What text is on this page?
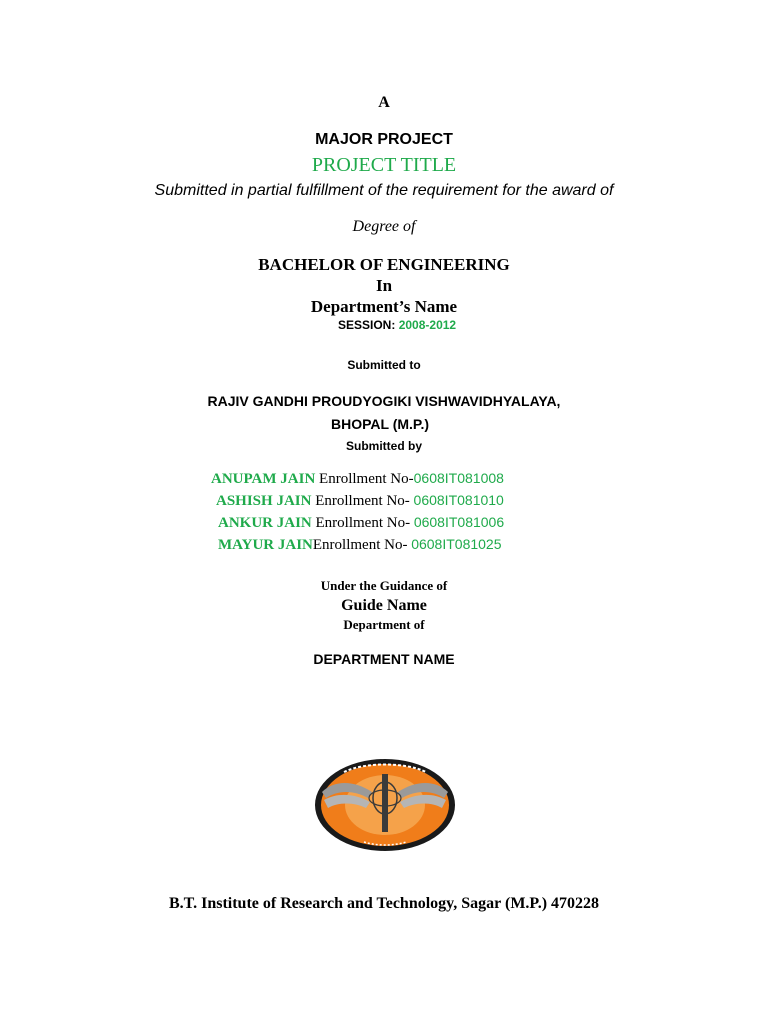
A
MAJOR PROJECT
PROJECT TITLE
Submitted in partial fulfillment of the requirement for the award of
Degree of
BACHELOR OF ENGINEERING
In
Department’s Name
SESSION: 2008-2012
Submitted to
RAJIV GANDHI PROUDYOGIKI VISHWAVIDHYALAYA,
BHOPAL (M.P.)
Submitted by
ANUPAM JAIN Enrollment No-0608IT081008
ASHISH JAIN Enrollment No- 0608IT081010
ANKUR JAIN Enrollment No- 0608IT081006
MAYUR JAINEnrollment No- 0608IT081025
Under the Guidance of
Guide Name
Department of
DEPARTMENT NAME
B.T. Institute of Research and Technology, Sagar (M.P.) 470228
